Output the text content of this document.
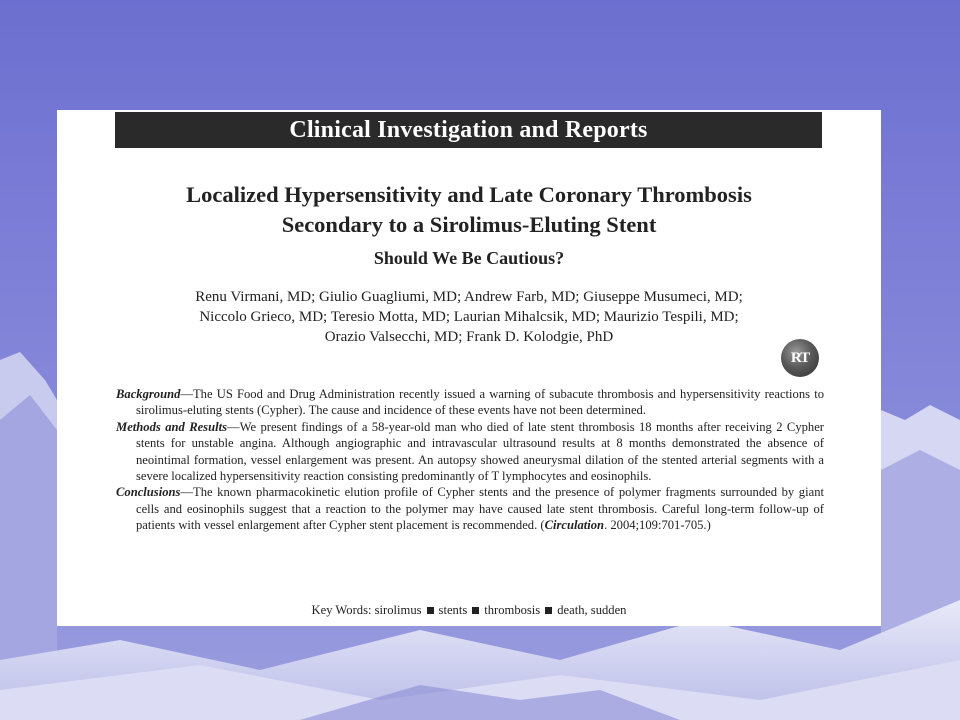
Clinical Investigation and Reports
Localized Hypersensitivity and Late Coronary Thrombosis
Secondary to a Sirolimus-Eluting Stent
Should We Be Cautious?
Renu Virmani, MD; Giulio Guagliumi, MD; Andrew Farb, MD; Giuseppe Musumeci, MD;
Niccolo Grieco, MD; Teresio Motta, MD; Laurian Mihalcsik, MD; Maurizio Tespili, MD;
Orazio Valsecchi, MD; Frank D. Kolodgie, PhD
RT

Background—The US Food and Drug Administration recently issued a warning of subacute thrombosis and hypersensitivity reactions to sirolimus-eluting stents (Cypher). The cause and incidence of these events have not been determined.

Methods and Results—We present findings of a 58-year-old man who died of late stent thrombosis 18 months after receiving 2 Cypher stents for unstable angina. Although angiographic and intravascular ultrasound results at 8 months demonstrated the absence of neointimal formation, vessel enlargement was present. An autopsy showed aneurysmal dilation of the stented arterial segments with a severe localized hypersensitivity reaction consisting predominantly of T lymphocytes and eosinophils.

Conclusions—The known pharmacokinetic elution profile of Cypher stents and the presence of polymer fragments surrounded by giant cells and eosinophils suggest that a reaction to the polymer may have caused late stent thrombosis. Careful long-term follow-up of patients with vessel enlargement after Cypher stent placement is recommended. (Circulation. 2004;109:701-705.)

Key Words: sirolimus stents thrombosis death, sudden
